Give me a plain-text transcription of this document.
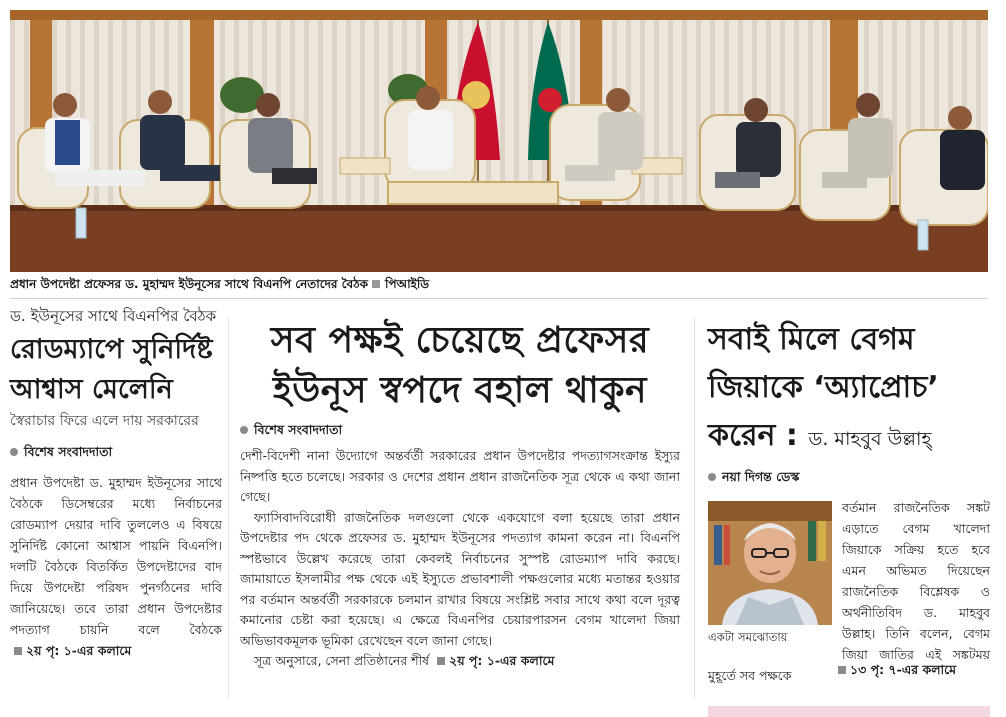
প্রধান উপদেষ্টা প্রফেসর ড. মুহাম্মদ ইউনূসের সাথে বিএনপি নেতাদের বৈঠক পিআইডি
ড. ইউনূসের সাথে বিএনপির বৈঠক
রোডম্যাপে সুনির্দিষ্ট
আশ্বাস মেলেনি
স্বৈরাচার ফিরে এলে দায় সরকারের
বিশেষ সংবাদদাতা

প্রধান উপদেষ্টা ড. মুহাম্মদ ইউনূসের সাথে বৈঠকে ডিসেম্বরের মধ্যে নির্বাচনের রোডম্যাপ দেয়ার দাবি তুললেও এ বিষয়ে সুনির্দিষ্ট কোনো আশ্বাস পায়নি বিএনপি। দলটি বৈঠকে বিতর্কিত উপদেষ্টাদের বাদ দিয়ে উপদেষ্টা পরিষদ পুনর্গঠনের দাবি জানিয়েছে। তবে তারা প্রধান উপদেষ্টার পদত্যাগ চায়নি বলে বৈঠকে ২য় পৃ: ১-এর কলামে

সব পক্ষই চেয়েছে প্রফেসর
ইউনূস স্বপদে বহাল থাকুন
বিশেষ সংবাদদাতা

দেশী-বিদেশী নানা উদ্যোগে অন্তর্বর্তী সরকারের প্রধান উপদেষ্টার পদত্যাগসংক্রান্ত ইস্যুর নিষ্পত্তি হতে চলেছে। সরকার ও দেশের প্রধান প্রধান রাজনৈতিক সূত্র থেকে এ কথা জানা গেছে।

ফ্যাসিবাদবিরোধী রাজনৈতিক দলগুলো থেকে একযোগে বলা হয়েছে তারা প্রধান উপদেষ্টার পদ থেকে প্রফেসর ড. মুহাম্মদ ইউনূসের পদত্যাগ কামনা করেন না। বিএনপি স্পষ্টভাবে উল্লেখ করেছে তারা কেবলই নির্বাচনের সুস্পষ্ট রোডম্যাপ দাবি করছে। জামায়াতে ইসলামীর পক্ষ থেকে এই ইস্যুতে প্রভাবশালী পক্ষগুলোর মধ্যে মতান্তর হওয়ার পর বর্তমান অন্তর্বর্তী সরকারকে চলমান রাখার বিষয়ে সংশ্লিষ্ট সবার সাথে কথা বলে দূরত্ব কমানোর চেষ্টা করা হয়েছে। এ ক্ষেত্রে বিএনপির চেয়ারপারসন বেগম খালেদা জিয়া অভিভাবকমূলক ভূমিকা রেখেছেন বলে জানা গেছে।

সূত্র অনুসারে, সেনা প্রতিষ্ঠানের শীর্ষ ২য় পৃ: ১-এর কলামে

সবাই মিলে বেগম
জিয়াকে ‘অ্যাপ্রোচ’
করেন : ড. মাহবুব উল্লাহ্
নয়া দিগন্ত ডেস্ক
একটা সমঝোতায়

বর্তমান রাজনৈতিক সঙ্কট এড়াতে বেগম খালেদা জিয়াকে সক্রিয় হতে হবে এমন অভিমত দিয়েছেন রাজনৈতিক বিশ্লেষক ও অর্থনীতিবিদ ড. মাহবুব উল্লাহ। তিনি বলেন, বেগম জিয়া জাতির এই সঙ্কটময় মুহূর্তে সব পক্ষকে	১৩ পৃ: ৭-এর কলামে
